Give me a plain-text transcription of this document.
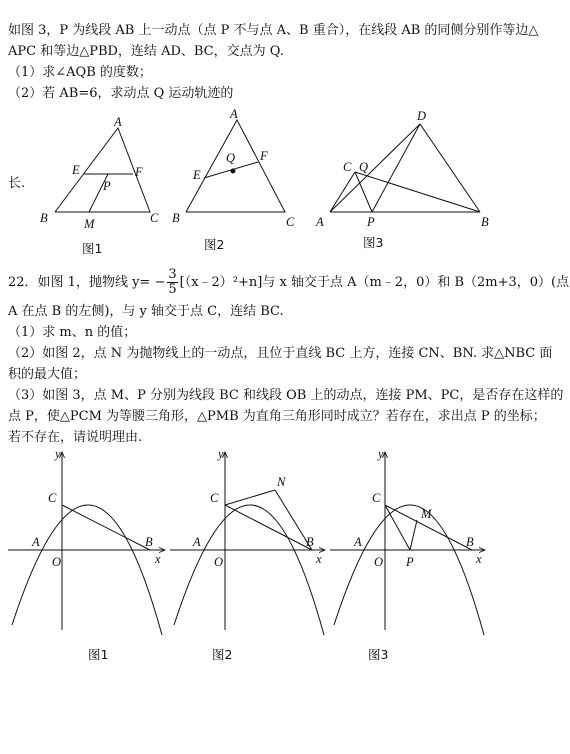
如图 3，P 为线段 AB 上一动点（点 P 不与点 A、B 重合），在线段 AB 的同侧分别作等边△
APC 和等边△PBD，连结 AD、BC，交点为 Q.
（1）求∠AQB 的度数；
（2）若 AB=6，求动点 Q 运动轨迹的
长.
A
B	C
E	F
P
M
A
B	C
E
F
Q
D
C Q
A	P	B
图1	图2	图3
22．如图 1，抛物线 $y= - \frac{3}{5}$ [（x﹣2）²+n]与 x 轴交于点 A（m﹣2，0）和 B（2m+3，0）(点
A 在点 B 的左侧)，与 y 轴交于点 C，连结 BC.
（1）求 m、n 的值；
（2）如图 2，点 N 为抛物线上的一动点，且位于直线 BC 上方，连接 CN、BN. 求△NBC 面
积的最大值；
（3）如图 3，点 M、P 分别为线段 BC 和线段 OB 上的动点，连接 PM、PC，是否存在这样的
点 P，使△PCM 为等腰三角形，△PMB 为直角三角形同时成立？若存在，求出点 P 的坐标；
若不存在，请说明理由.
y
x
A	B
C
O
y
x
A	B
C
O
N
y
x
A	B
C
O P
M
图1	图2	图3
